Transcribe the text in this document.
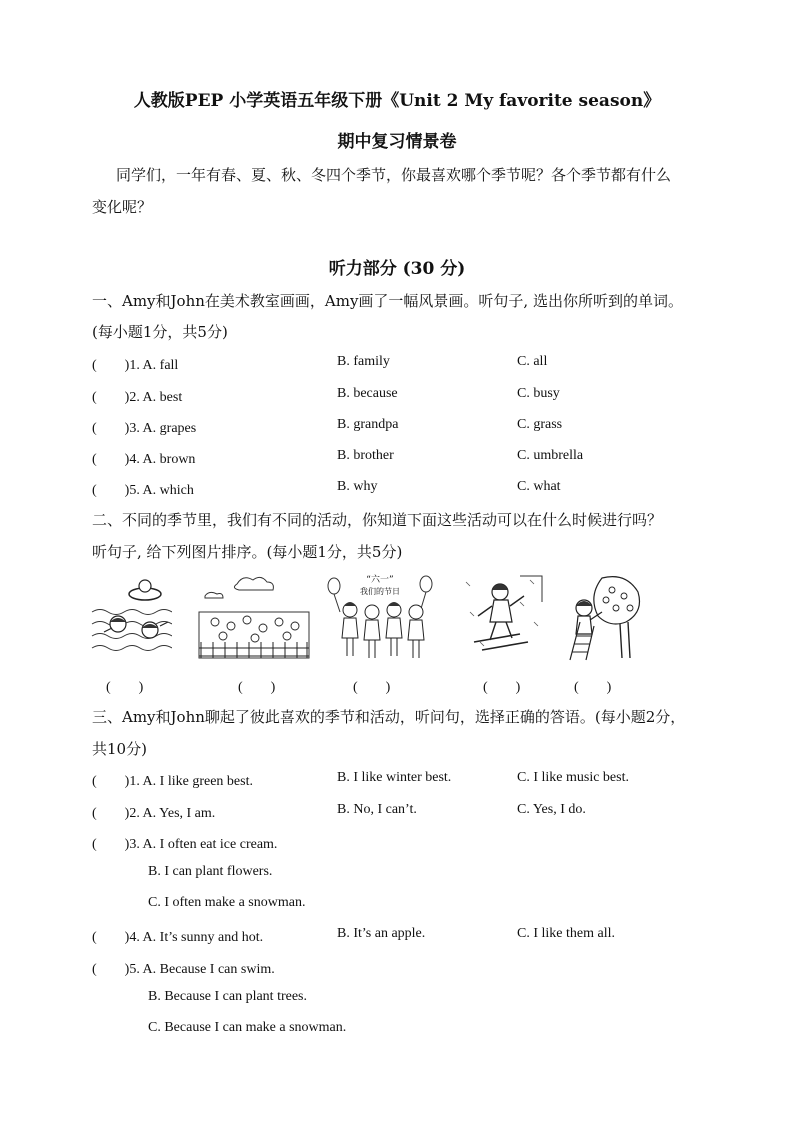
人教版PEP 小学英语五年级下册《Unit 2 My favorite season》
期中复习情景卷
同学们，一年有春、夏、秋、冬四个季节，你最喜欢哪个季节呢？各个季节都有什么
变化呢？
听力部分 (30 分)
一、Amy和John在美术教室画画，Amy画了一幅风景画。听句子, 选出你所听到的单词。
(每小题1分，共5分)
(　　)1. A. fall	B. family	C. all
(　　)2. A. best	B. because	C. busy
(　　)3. A. grapes	B. grandpa	C. grass
(　　)4. A. brown	B. brother	C. umbrella
(　　)5. A. which	B. why	C. what
二、不同的季节里，我们有不同的活动，你知道下面这些活动可以在什么时候进行吗？
听句子, 给下列图片排序。(每小题1分，共5分)
“六一”
我们的节日
(　　)	(　　)	(　　)	(　　)	(　　)
三、Amy和John聊起了彼此喜欢的季节和活动，听问句，选择正确的答语。(每小题2分，
共10分)
(　　)1. A. I like green best.	B. I like winter best.	C. I like music best.
(　　)2. A. Yes, I am.	B. No, I can’t.	C. Yes, I do.
(　　)3. A. I often eat ice cream.
B. I can plant flowers.
C. I often make a snowman.
(　　)4. A. It’s sunny and hot.	B. It’s an apple.	C. I like them all.
(　　)5. A. Because I can swim.
B. Because I can plant trees.
C. Because I can make a snowman.
